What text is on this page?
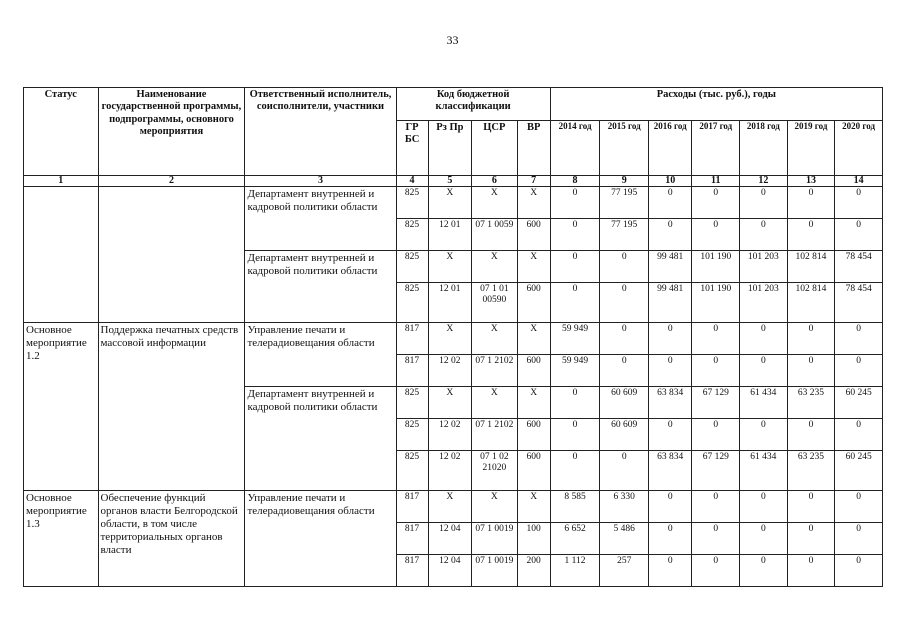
33
Статус	Наименование государственной программы, подпрограммы, основного мероприятия	Ответственный исполнитель, соисполнители, участники	Код бюджетной классификации				Расходы (тыс. руб.), годы						
			ГР БС	Рз Пр	ЦСР	ВР	2014 год	2015 год	2016 год	2017 год	2018 год	2019 год	2020 год
1	2	3	4	5	6	7	8	9	10	11	12	13	14
		Департамент внутренней и кадровой политики области	825	Х	Х	Х	0	77 195	0	0	0	0	0
			825	12 01	07 1 0059	600	0	77 195	0	0	0	0	0
		Департамент внутренней и кадровой политики области	825	Х	Х	Х	0	0	99 481	101 190	101 203	102 814	78 454
			825	12 01	07 1 01 00590	600	0	0	99 481	101 190	101 203	102 814	78 454
Основное мероприятие 1.2	Поддержка печатных средств массовой информации	Управление печати и телерадиовещания области	817	Х	Х	Х	59 949	0	0	0	0	0	0
			817	12 02	07 1 2102	600	59 949	0	0	0	0	0	0
		Департамент внутренней и кадровой политики области	825	Х	Х	Х	0	60 609	63 834	67 129	61 434	63 235	60 245
			825	12 02	07 1 2102	600	0	60 609	0	0	0	0	0
			825	12 02	07 1 02 21020	600	0	0	63 834	67 129	61 434	63 235	60 245
Основное мероприятие 1.3	Обеспечение функций органов власти Белгородской области, в том числе территориальных органов власти	Управление печати и телерадиовещания области	817	Х	Х	Х	8 585	6 330	0	0	0	0	0
			817	12 04	07 1 0019	100	6 652	5 486	0	0	0	0	0
			817	12 04	07 1 0019	200	1 112	257	0	0	0	0	0
